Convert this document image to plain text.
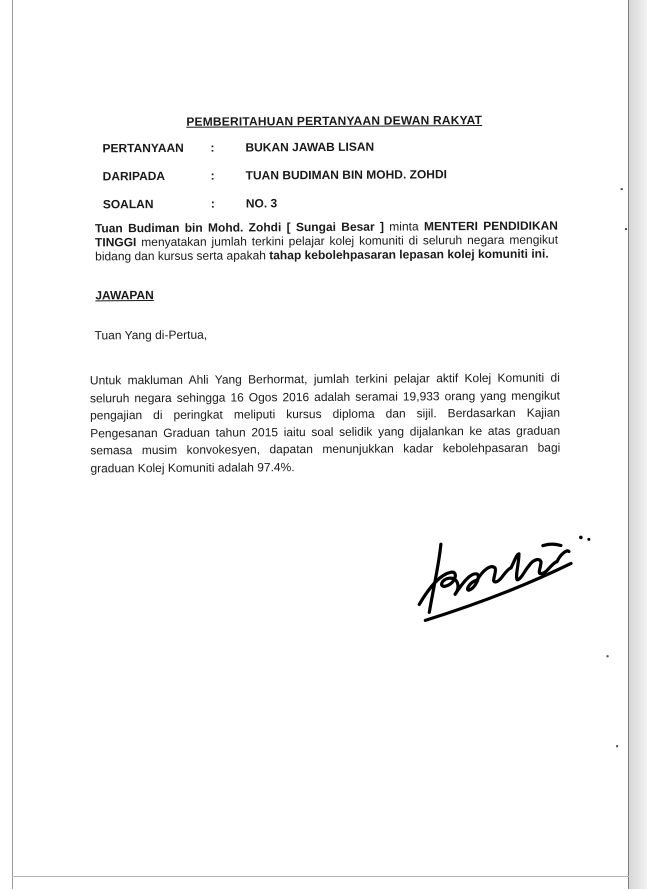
PEMBERITAHUAN PERTANYAAN DEWAN RAKYAT
PERTANYAAN :	BUKAN JAWAB LISAN
DARIPADA	:	TUAN BUDIMAN BIN MOHD. ZOHDI
SOALAN	:	NO. 3
Tuan Budiman bin Mohd. Zohdi [ Sungai Besar ] minta MENTERI PENDIDIKAN TINGGI menyatakan jumlah terkini pelajar kolej komuniti di seluruh negara mengikut bidang dan kursus serta apakah tahap kebolehpasaran lepasan kolej komuniti ini.
JAWAPAN
Tuan Yang di-Pertua,
Untuk makluman Ahli Yang Berhormat, jumlah terkini pelajar aktif Kolej Komuniti di seluruh negara sehingga 16 Ogos 2016 adalah seramai 19,933 orang yang mengikut pengajian di peringkat meliputi kursus diploma dan sijil. Berdasarkan Kajian Pengesanan Graduan tahun 2015 iaitu soal selidik yang dijalankan ke atas graduan semasa musim konvokesyen, dapatan menunjukkan kadar kebolehpasaran bagi graduan Kolej Komuniti adalah 97.4%.
